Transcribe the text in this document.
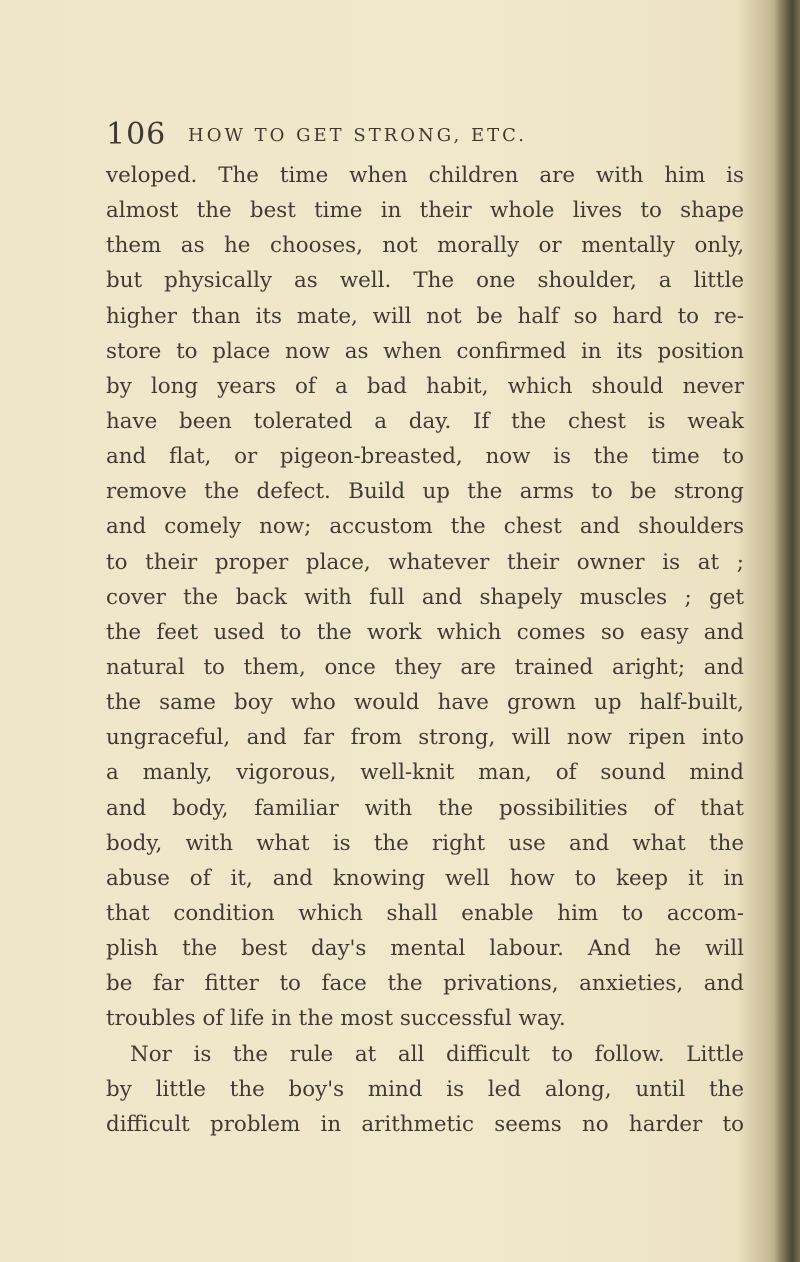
106 HOW TO GET STRONG, ETC.
veloped. The time when children are with him is
almost the best time in their whole lives to shape
them as he chooses, not morally or mentally only,
but physically as well. The one shoulder, a little
higher than its mate, will not be half so hard to re-
store to place now as when confirmed in its position
by long years of a bad habit, which should never
have been tolerated a day. If the chest is weak
and flat, or pigeon-breasted, now is the time to
remove the defect. Build up the arms to be strong
and comely now; accustom the chest and shoulders
to their proper place, whatever their owner is at ;
cover the back with full and shapely muscles ; get
the feet used to the work which comes so easy and
natural to them, once they are trained aright; and
the same boy who would have grown up half-built,
ungraceful, and far from strong, will now ripen into
a manly, vigorous, well-knit man, of sound mind
and body, familiar with the possibilities of that
body, with what is the right use and what the
abuse of it, and knowing well how to keep it in
that condition which shall enable him to accom-
plish the best day's mental labour. And he will
be far fitter to face the privations, anxieties, and
troubles of life in the most successful way.
Nor is the rule at all difficult to follow. Little
by little the boy's mind is led along, until the
difficult problem in arithmetic seems no harder to
